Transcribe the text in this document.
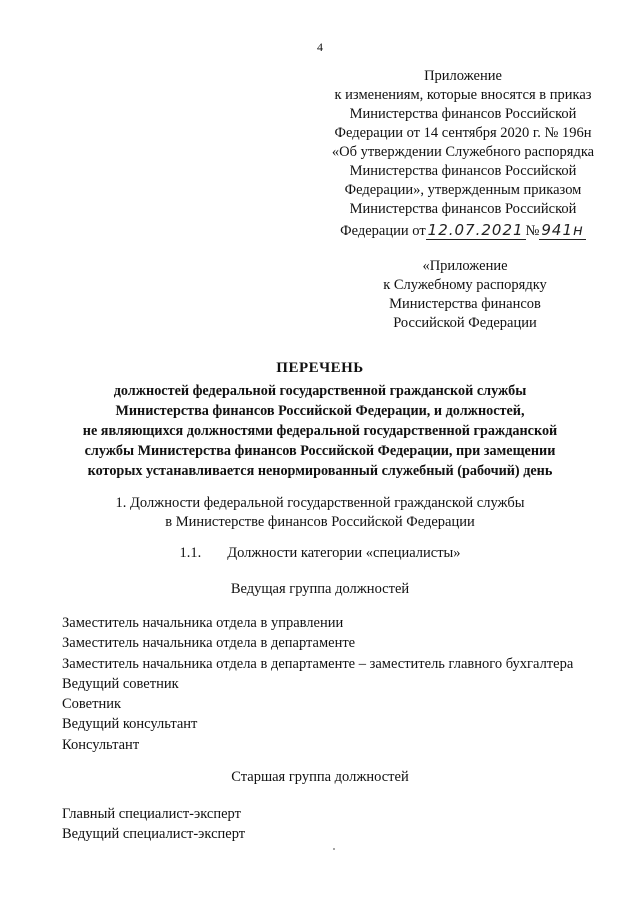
4
Приложение
к изменениям, которые вносятся в приказ
Министерства финансов Российской
Федерации от 14 сентября 2020 г. № 196н
«Об утверждении Служебного распорядка
Министерства финансов Российской
Федерации», утвержденным приказом
Министерства финансов Российской
Федерации от 12.07.2021 № 941н
«Приложение
к Служебному распорядку
Министерства финансов
Российской Федерации
ПЕРЕЧЕНЬ
должностей федеральной государственной гражданской службы
Министерства финансов Российской Федерации, и должностей,
не являющихся должностями федеральной государственной гражданской
службы Министерства финансов Российской Федерации, при замещении
которых устанавливается ненормированный служебный (рабочий) день
1. Должности федеральной государственной гражданской службы
в Министерстве финансов Российской Федерации
1.1. Должности категории «специалисты»
Ведущая группа должностей
Заместитель начальника отдела в управлении
Заместитель начальника отдела в департаменте
Заместитель начальника отдела в департаменте – заместитель главного бухгалтера
Ведущий советник
Советник
Ведущий консультант
Консультант
Старшая группа должностей
Главный специалист-эксперт
Ведущий специалист-эксперт
